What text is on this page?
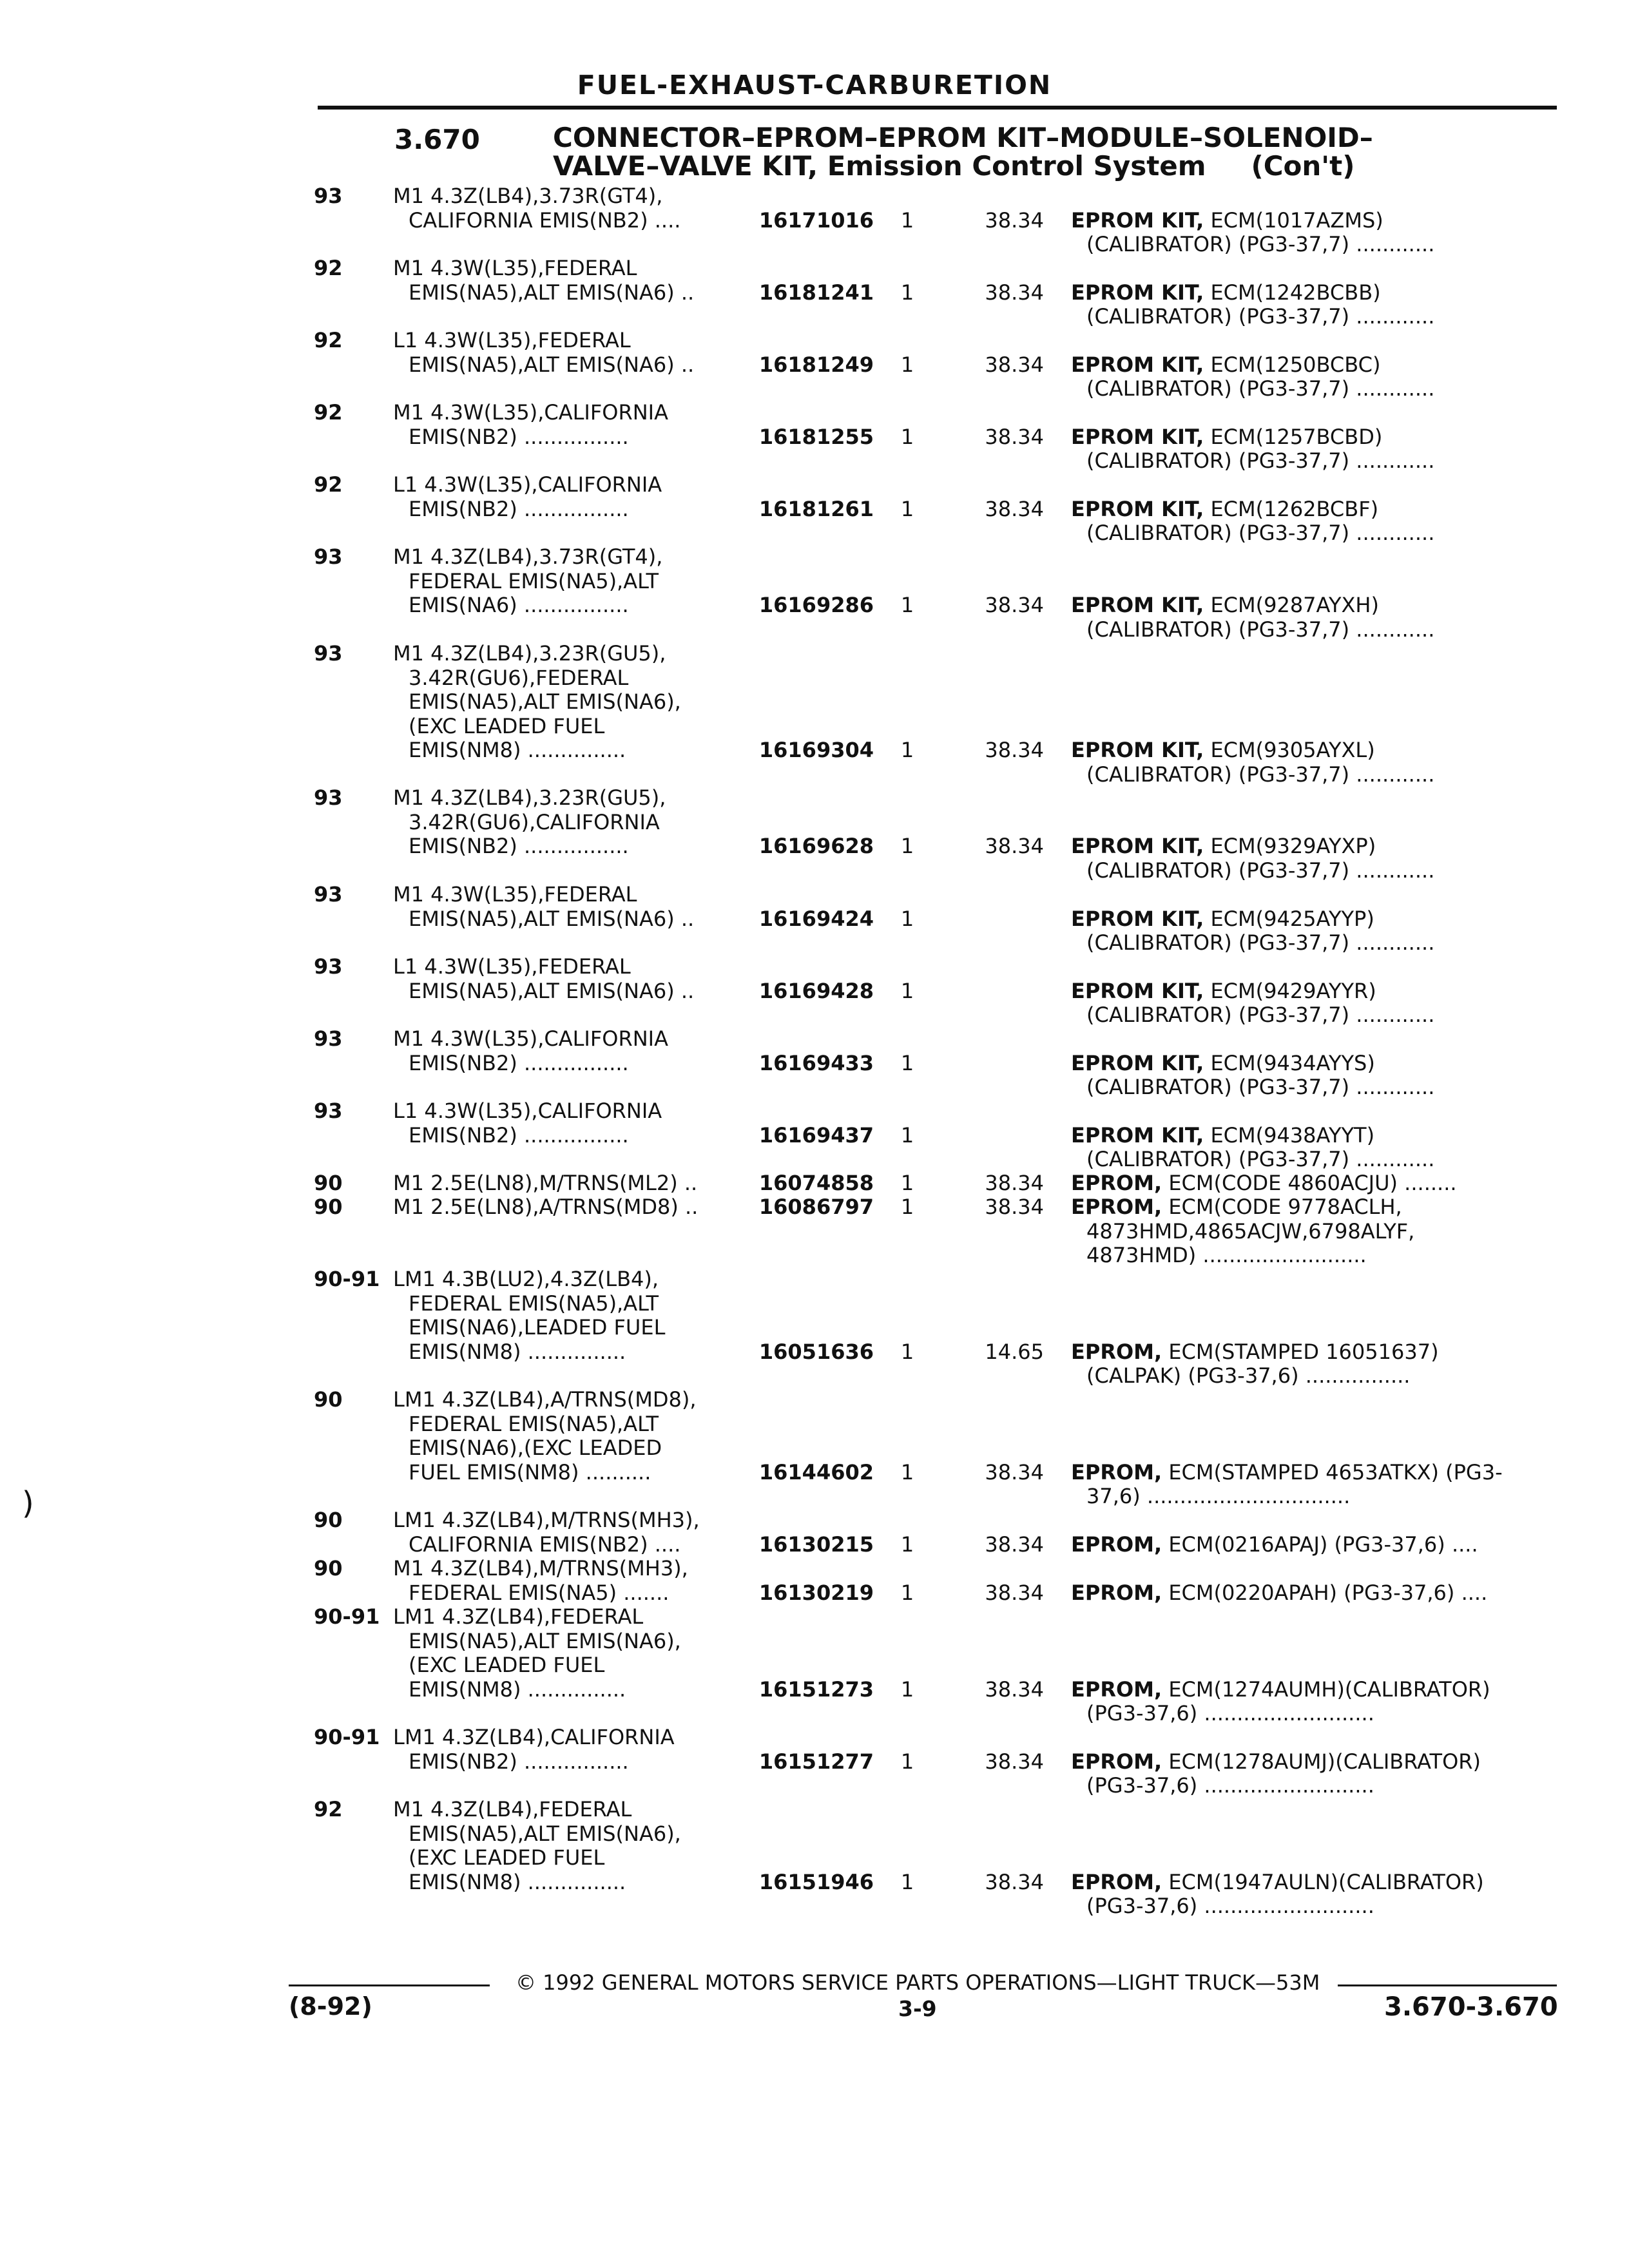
FUEL-EXHAUST-CARBURETION
3.670	CONNECTOR–EPROM–EPROM KIT–MODULE–SOLENOID–
VALVE–VALVE KIT, Emission Control System (Con't)
93 M1 4.3Z(LB4),3.73R(GT4),
CALIFORNIA EMIS(NB2) ....	16171016 1	38.34 EPROM KIT, ECM(1017AZMS)
(CALIBRATOR) (PG3-37,7) ............
92 M1 4.3W(L35),FEDERAL
EMIS(NA5),ALT EMIS(NA6) ..	16181241 1	38.34 EPROM KIT, ECM(1242BCBB)
(CALIBRATOR) (PG3-37,7) ............
92 L1 4.3W(L35),FEDERAL
EMIS(NA5),ALT EMIS(NA6) ..	16181249 1	38.34 EPROM KIT, ECM(1250BCBC)
(CALIBRATOR) (PG3-37,7) ............
92 M1 4.3W(L35),CALIFORNIA
EMIS(NB2) ................	16181255 1	38.34 EPROM KIT, ECM(1257BCBD)
(CALIBRATOR) (PG3-37,7) ............
92 L1 4.3W(L35),CALIFORNIA
EMIS(NB2) ................	16181261 1	38.34 EPROM KIT, ECM(1262BCBF)
(CALIBRATOR) (PG3-37,7) ............
93 M1 4.3Z(LB4),3.73R(GT4),
FEDERAL EMIS(NA5),ALT
EMIS(NA6) ................	16169286 1	38.34 EPROM KIT, ECM(9287AYXH)
(CALIBRATOR) (PG3-37,7) ............
93 M1 4.3Z(LB4),3.23R(GU5),
3.42R(GU6),FEDERAL
EMIS(NA5),ALT EMIS(NA6),
(EXC LEADED FUEL
EMIS(NM8) ...............	16169304 1	38.34 EPROM KIT, ECM(9305AYXL)
(CALIBRATOR) (PG3-37,7) ............
93 M1 4.3Z(LB4),3.23R(GU5),
3.42R(GU6),CALIFORNIA
EMIS(NB2) ................	16169628 1	38.34 EPROM KIT, ECM(9329AYXP)
(CALIBRATOR) (PG3-37,7) ............
93 M1 4.3W(L35),FEDERAL
EMIS(NA5),ALT EMIS(NA6) ..	16169424 1	EPROM KIT, ECM(9425AYYP)
(CALIBRATOR) (PG3-37,7) ............
93 L1 4.3W(L35),FEDERAL
EMIS(NA5),ALT EMIS(NA6) ..	16169428 1	EPROM KIT, ECM(9429AYYR)
(CALIBRATOR) (PG3-37,7) ............
93 M1 4.3W(L35),CALIFORNIA
EMIS(NB2) ................	16169433 1	EPROM KIT, ECM(9434AYYS)
(CALIBRATOR) (PG3-37,7) ............
93 L1 4.3W(L35),CALIFORNIA
EMIS(NB2) ................	16169437 1	EPROM KIT, ECM(9438AYYT)
(CALIBRATOR) (PG3-37,7) ............
90 M1 2.5E(LN8),M/TRNS(ML2) ..	16074858 1	38.34 EPROM, ECM(CODE 4860ACJU) ........
90 M1 2.5E(LN8),A/TRNS(MD8) ..	16086797 1	38.34 EPROM, ECM(CODE 9778ACLH,
4873HMD,4865ACJW,6798ALYF,
4873HMD) .........................
90-91 LM1 4.3B(LU2),4.3Z(LB4),
FEDERAL EMIS(NA5),ALT
EMIS(NA6),LEADED FUEL
EMIS(NM8) ...............	16051636 1	14.65 EPROM, ECM(STAMPED 16051637)
(CALPAK) (PG3-37,6) ................
90 LM1 4.3Z(LB4),A/TRNS(MD8),
FEDERAL EMIS(NA5),ALT
EMIS(NA6),(EXC LEADED
FUEL EMIS(NM8) ..........	16144602 1	38.34 EPROM, ECM(STAMPED 4653ATKX) (PG3-
37,6) ...............................
90 LM1 4.3Z(LB4),M/TRNS(MH3),
CALIFORNIA EMIS(NB2) ....	16130215 1	38.34 EPROM, ECM(0216APAJ) (PG3-37,6) ....
90 M1 4.3Z(LB4),M/TRNS(MH3),
FEDERAL EMIS(NA5) .......	16130219 1	38.34 EPROM, ECM(0220APAH) (PG3-37,6) ....
90-91 LM1 4.3Z(LB4),FEDERAL
EMIS(NA5),ALT EMIS(NA6),
(EXC LEADED FUEL
EMIS(NM8) ...............	16151273 1	38.34 EPROM, ECM(1274AUMH)(CALIBRATOR)
(PG3-37,6) ..........................
90-91 LM1 4.3Z(LB4),CALIFORNIA
EMIS(NB2) ................	16151277 1	38.34 EPROM, ECM(1278AUMJ)(CALIBRATOR)
(PG3-37,6) ..........................
92 M1 4.3Z(LB4),FEDERAL
EMIS(NA5),ALT EMIS(NA6),
(EXC LEADED FUEL
EMIS(NM8) ...............	16151946 1	38.34 EPROM, ECM(1947AULN)(CALIBRATOR)
(PG3-37,6) ..........................
© 1992 GENERAL MOTORS SERVICE PARTS OPERATIONS—LIGHT TRUCK—53M
(8-92)	3-9	3.670-3.670
)
